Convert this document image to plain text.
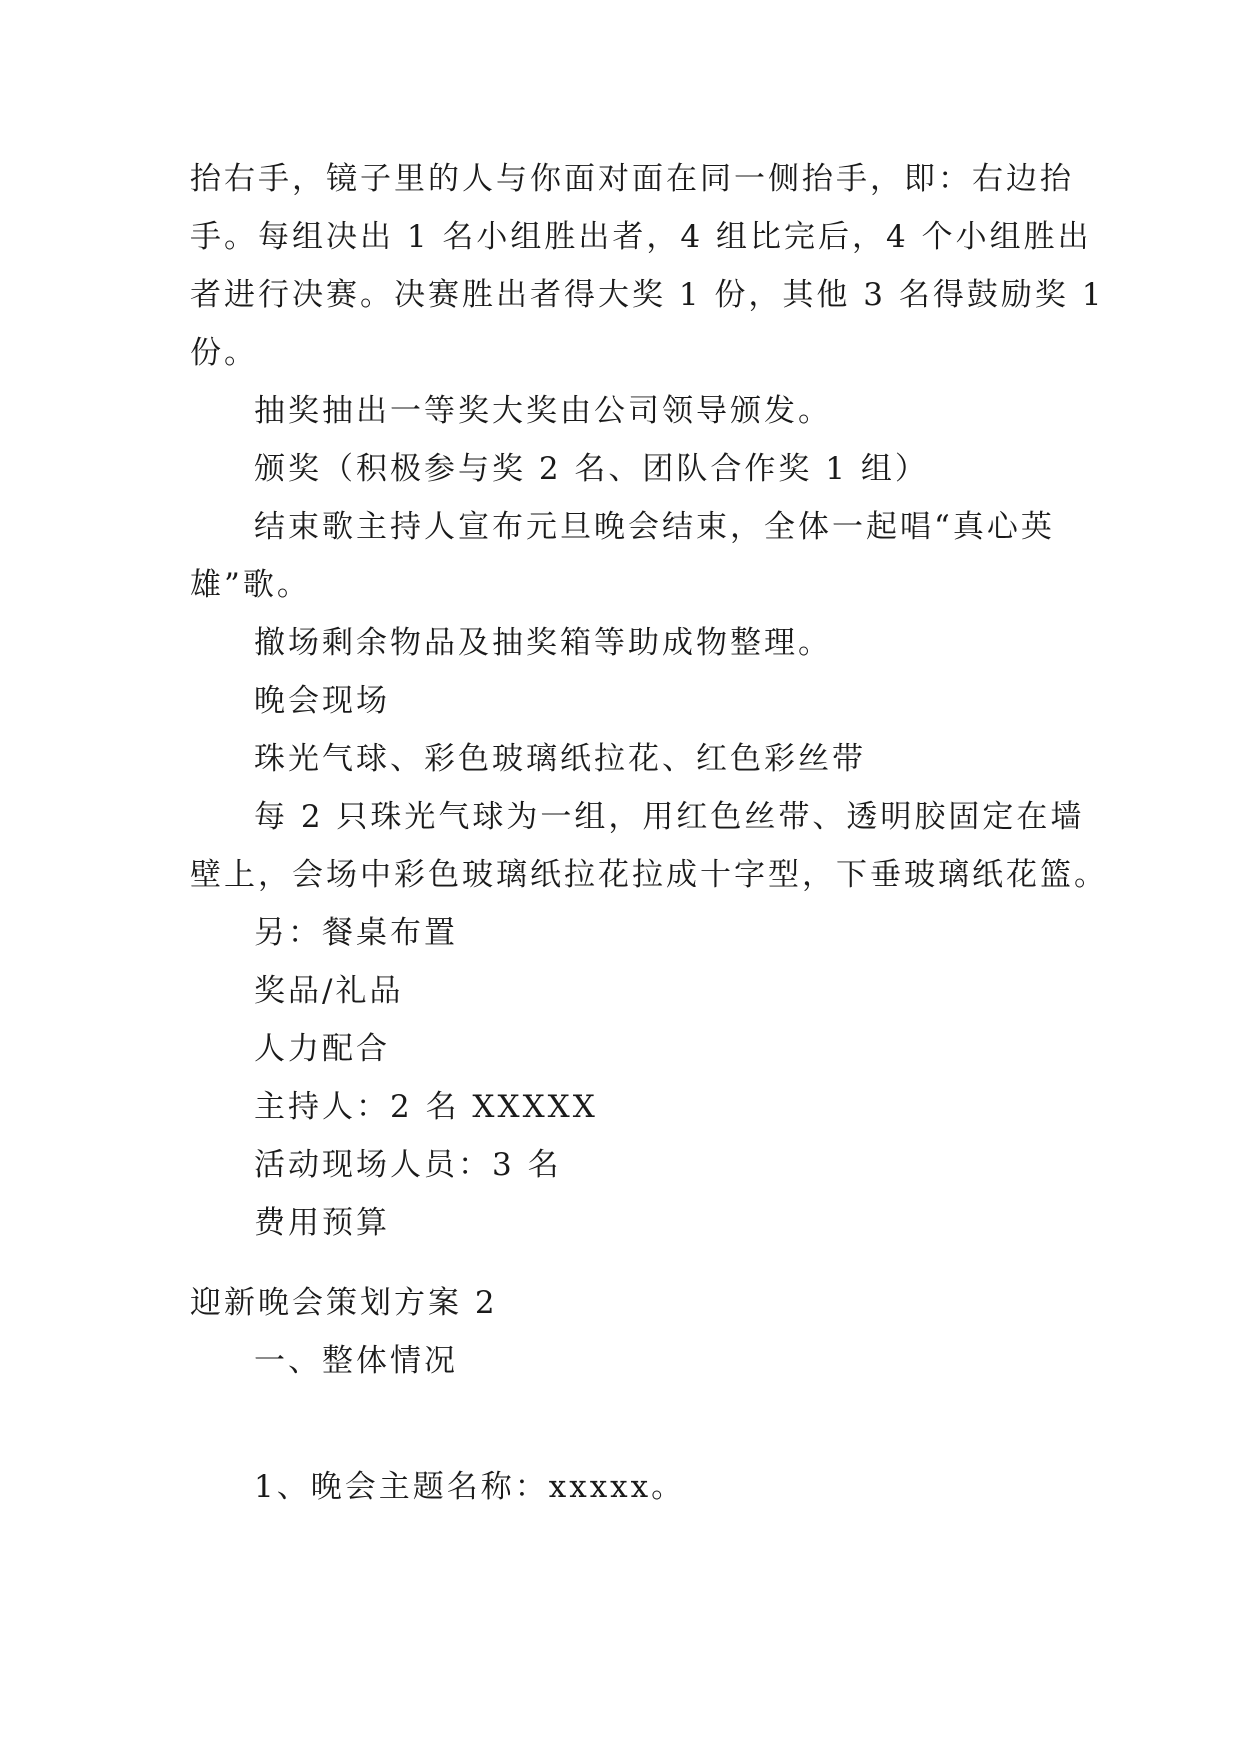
抬右手，镜子里的人与你面对面在同一侧抬手，即：右边抬
手。每组决出 1 名小组胜出者，4 组比完后，4 个小组胜出
者进行决赛。决赛胜出者得大奖 1 份，其他 3 名得鼓励奖 1
份。
抽奖抽出一等奖大奖由公司领导颁发。
颁奖（积极参与奖 2 名、团队合作奖 1 组）
结束歌主持人宣布元旦晚会结束，全体一起唱“真心英
雄”歌。
撤场剩余物品及抽奖箱等助成物整理。
晚会现场
珠光气球、彩色玻璃纸拉花、红色彩丝带
每 2 只珠光气球为一组，用红色丝带、透明胶固定在墙
壁上，会场中彩色玻璃纸拉花拉成十字型，下垂玻璃纸花篮。
另：餐桌布置
奖品/礼品
人力配合
主持人：2 名 XXXXX
活动现场人员：3 名
费用预算
迎新晚会策划方案 2
一、整体情况
1、晚会主题名称：xxxxx。
